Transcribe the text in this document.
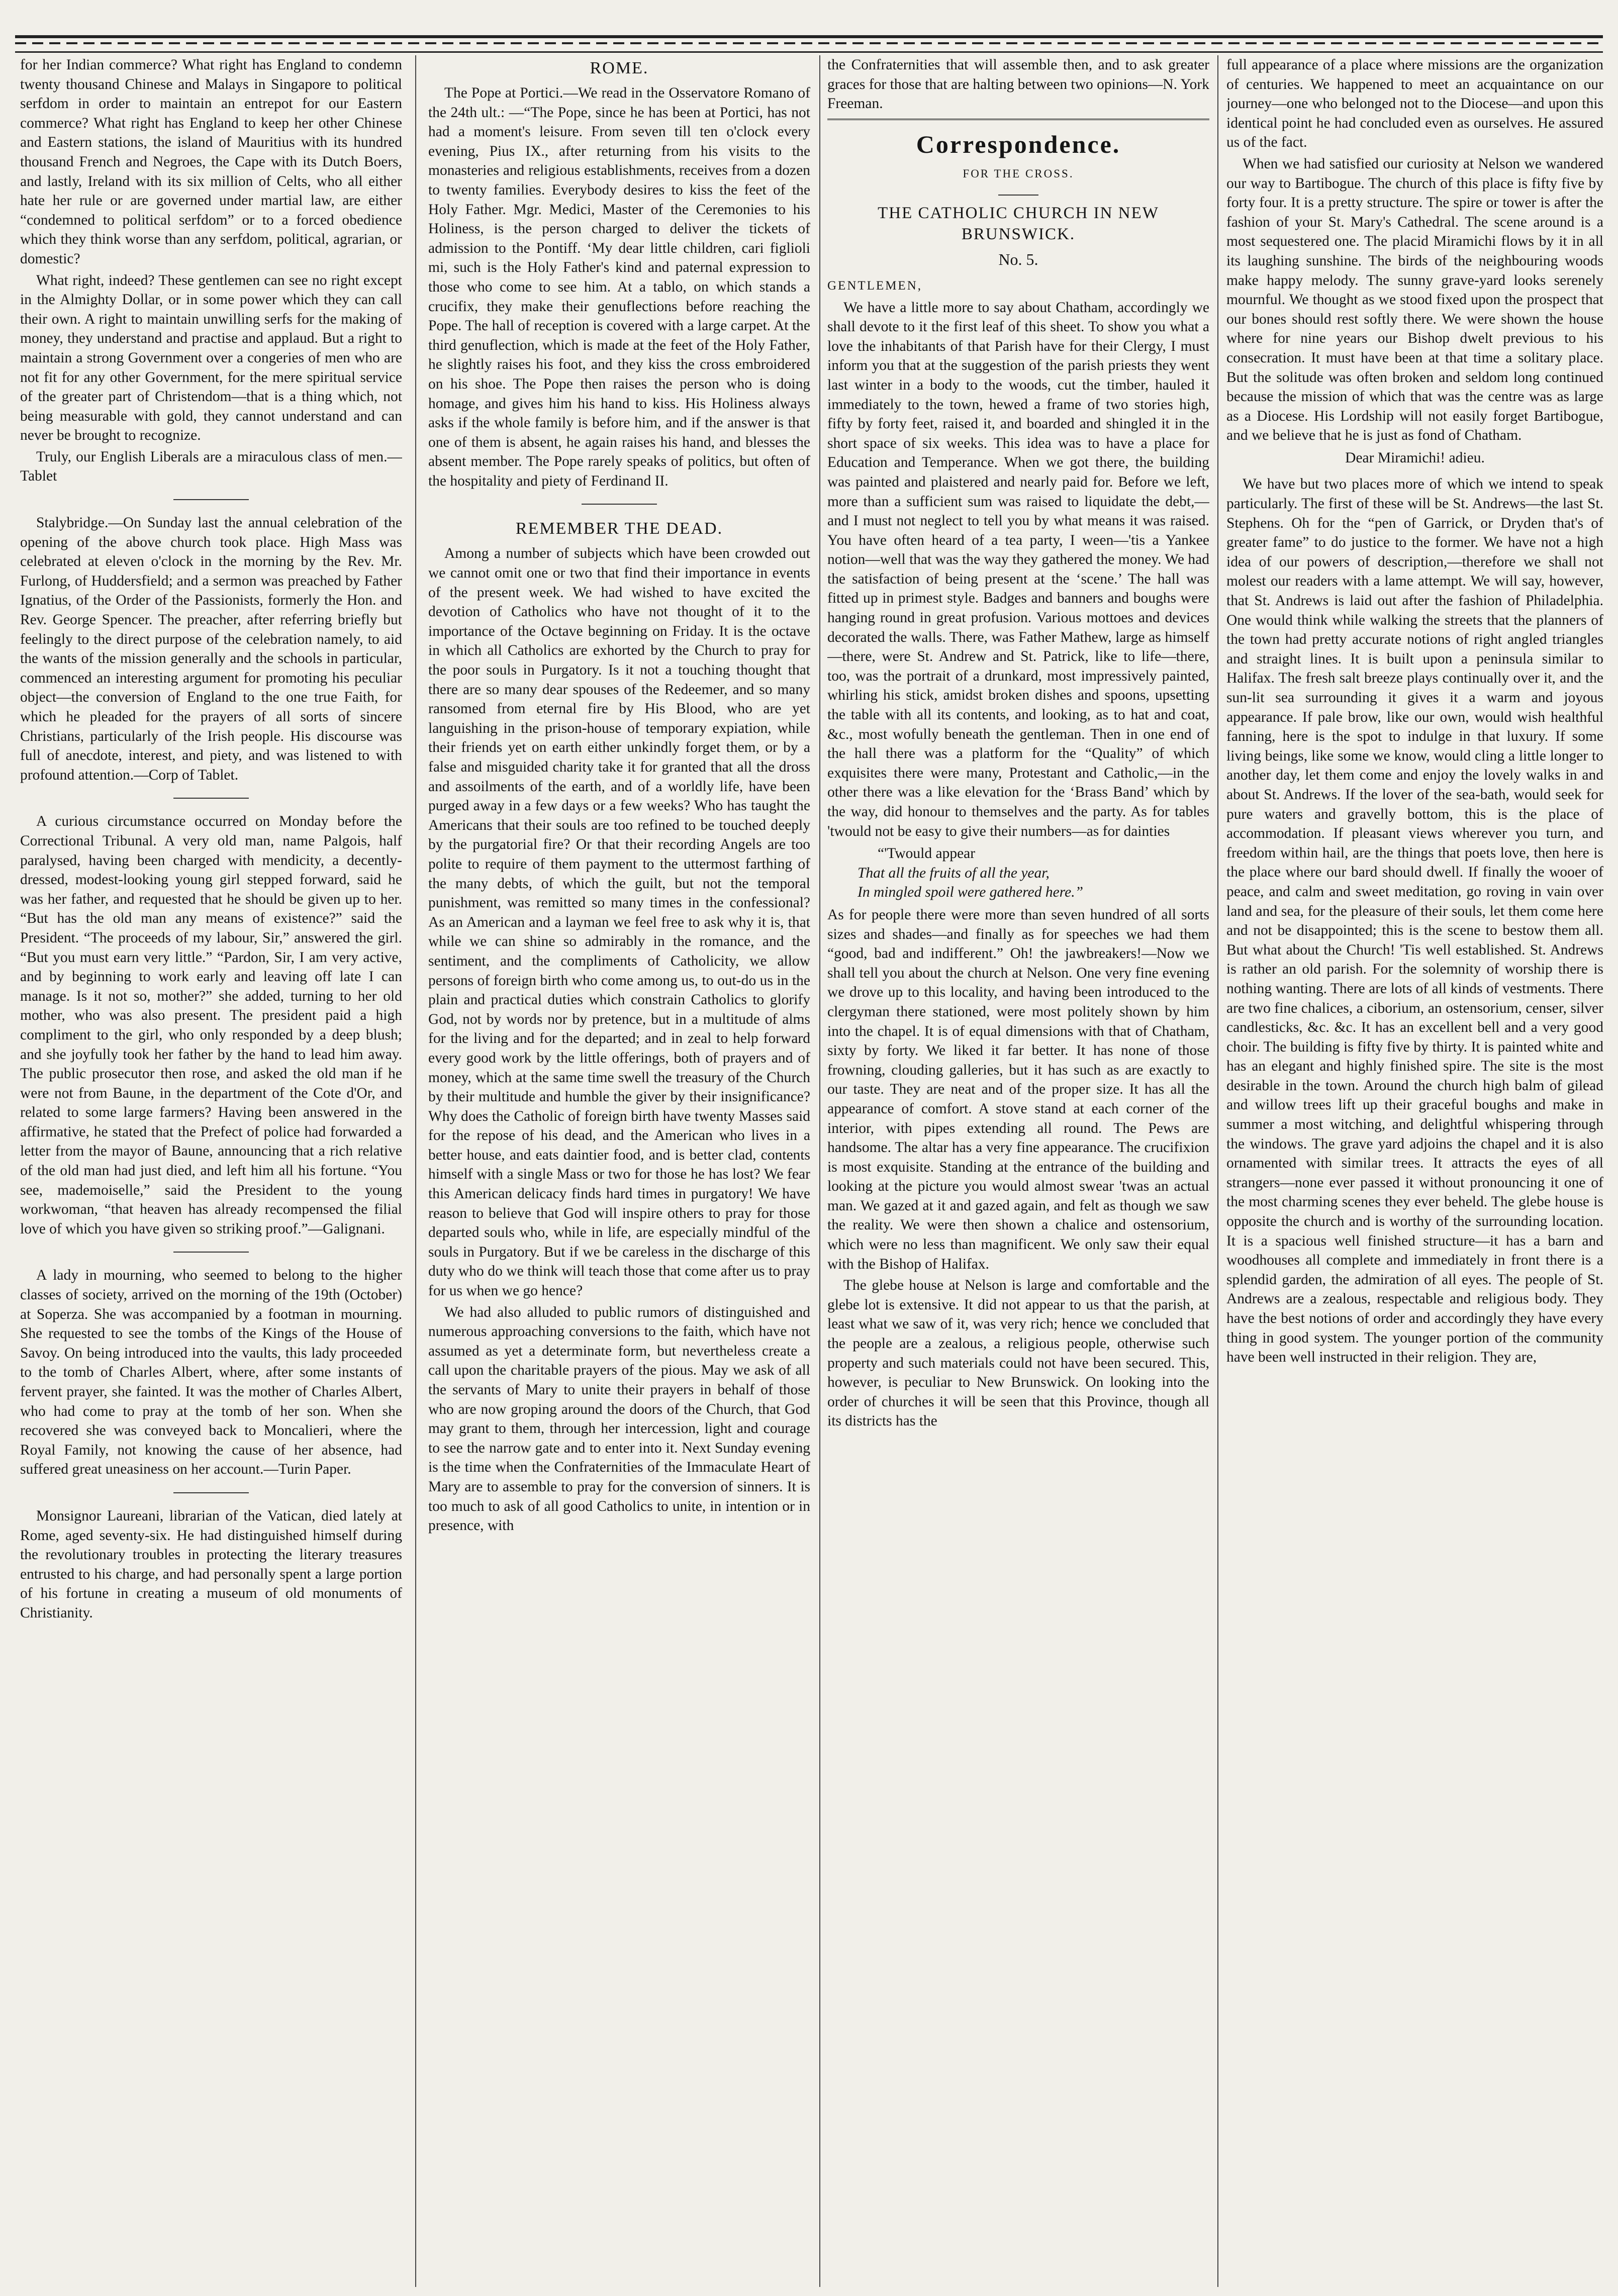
for her Indian commerce? What right has England to condemn twenty thousand Chinese and Malays in Singapore to political serfdom in order to maintain an entrepot for our Eastern commerce? What right has England to keep her other Chinese and Eastern stations, the island of Mauritius with its hundred thousand French and Negroes, the Cape with its Dutch Boers, and lastly, Ireland with its six million of Celts, who all either hate her rule or are governed under martial law, are either “condemned to political serfdom” or to a forced obedience which they think worse than any serfdom, political, agrarian, or domestic?

What right, indeed? These gentlemen can see no right except in the Almighty Dollar, or in some power which they can call their own. A right to maintain unwilling serfs for the making of money, they understand and practise and applaud. But a right to maintain a strong Government over a congeries of men who are not fit for any other Government, for the mere spiritual service of the greater part of Christendom—that is a thing which, not being measurable with gold, they cannot understand and can never be brought to recognize.

Truly, our English Liberals are a miraculous class of men.—Tablet

Stalybridge.—On Sunday last the annual celebration of the opening of the above church took place. High Mass was celebrated at eleven o'clock in the morning by the Rev. Mr. Furlong, of Huddersfield; and a sermon was preached by Father Ignatius, of the Order of the Passionists, formerly the Hon. and Rev. George Spencer. The preacher, after referring briefly but feelingly to the direct purpose of the celebration namely, to aid the wants of the mission generally and the schools in particular, commenced an interesting argument for promoting his peculiar object—the conversion of England to the one true Faith, for which he pleaded for the prayers of all sorts of sincere Christians, particularly of the Irish people. His discourse was full of anecdote, interest, and piety, and was listened to with profound attention.—Corp of Tablet.

A curious circumstance occurred on Monday before the Correctional Tribunal. A very old man, name Palgois, half paralysed, having been charged with mendicity, a decently-dressed, modest-looking young girl stepped forward, said he was her father, and requested that he should be given up to her. “But has the old man any means of existence?” said the President. “The proceeds of my labour, Sir,” answered the girl. “But you must earn very little.” “Pardon, Sir, I am very active, and by beginning to work early and leaving off late I can manage. Is it not so, mother?” she added, turning to her old mother, who was also present. The president paid a high compliment to the girl, who only responded by a deep blush; and she joyfully took her father by the hand to lead him away. The public prosecutor then rose, and asked the old man if he were not from Baune, in the department of the Cote d'Or, and related to some large farmers? Having been answered in the affirmative, he stated that the Prefect of police had forwarded a letter from the mayor of Baune, announcing that a rich relative of the old man had just died, and left him all his fortune. “You see, mademoiselle,” said the President to the young workwoman, “that heaven has already recompensed the filial love of which you have given so striking proof.”—Galignani.

A lady in mourning, who seemed to belong to the higher classes of society, arrived on the morning of the 19th (October) at Soperza. She was accompanied by a footman in mourning. She requested to see the tombs of the Kings of the House of Savoy. On being introduced into the vaults, this lady proceeded to the tomb of Charles Albert, where, after some instants of fervent prayer, she fainted. It was the mother of Charles Albert, who had come to pray at the tomb of her son. When she recovered she was conveyed back to Moncalieri, where the Royal Family, not knowing the cause of her absence, had suffered great uneasiness on her account.—Turin Paper.

Monsignor Laureani, librarian of the Vatican, died lately at Rome, aged seventy-six. He had distinguished himself during the revolutionary troubles in protecting the literary treasures entrusted to his charge, and had personally spent a large portion of his fortune in creating a museum of old monuments of Christianity.

ROME.

The Pope at Portici.—We read in the Osservatore Romano of the 24th ult.: —“The Pope, since he has been at Portici, has not had a moment's leisure. From seven till ten o'clock every evening, Pius IX., after returning from his visits to the monasteries and religious establishments, receives from a dozen to twenty families. Everybody desires to kiss the feet of the Holy Father. Mgr. Medici, Master of the Ceremonies to his Holiness, is the person charged to deliver the tickets of admission to the Pontiff. ‘My dear little children, cari figlioli mi, such is the Holy Father's kind and paternal expression to those who come to see him. At a tablo, on which stands a crucifix, they make their genuflections before reaching the Pope. The hall of reception is covered with a large carpet. At the third genuflection, which is made at the feet of the Holy Father, he slightly raises his foot, and they kiss the cross embroidered on his shoe. The Pope then raises the person who is doing homage, and gives him his hand to kiss. His Holiness always asks if the whole family is before him, and if the answer is that one of them is absent, he again raises his hand, and blesses the absent member. The Pope rarely speaks of politics, but often of the hospitality and piety of Ferdinand II.

REMEMBER THE DEAD.

Among a number of subjects which have been crowded out we cannot omit one or two that find their importance in events of the present week. We had wished to have excited the devotion of Catholics who have not thought of it to the importance of the Octave beginning on Friday. It is the octave in which all Catholics are exhorted by the Church to pray for the poor souls in Purgatory. Is it not a touching thought that there are so many dear spouses of the Redeemer, and so many ransomed from eternal fire by His Blood, who are yet languishing in the prison-house of temporary expiation, while their friends yet on earth either unkindly forget them, or by a false and misguided charity take it for granted that all the dross and assoilments of the earth, and of a worldly life, have been purged away in a few days or a few weeks? Who has taught the Americans that their souls are too refined to be touched deeply by the purgatorial fire? Or that their recording Angels are too polite to require of them payment to the uttermost farthing of the many debts, of which the guilt, but not the temporal punishment, was remitted so many times in the confessional? As an American and a layman we feel free to ask why it is, that while we can shine so admirably in the romance, and the sentiment, and the compliments of Catholicity, we allow persons of foreign birth who come among us, to out-do us in the plain and practical duties which constrain Catholics to glorify God, not by words nor by pretence, but in a multitude of alms for the living and for the departed; and in zeal to help forward every good work by the little offerings, both of prayers and of money, which at the same time swell the treasury of the Church by their multitude and humble the giver by their insignificance? Why does the Catholic of foreign birth have twenty Masses said for the repose of his dead, and the American who lives in a better house, and eats daintier food, and is better clad, contents himself with a single Mass or two for those he has lost? We fear this American delicacy finds hard times in purgatory! We have reason to believe that God will inspire others to pray for those departed souls who, while in life, are especially mindful of the souls in Purgatory. But if we be careless in the discharge of this duty who do we think will teach those that come after us to pray for us when we go hence?

We had also alluded to public rumors of distinguished and numerous approaching conversions to the faith, which have not assumed as yet a determinate form, but nevertheless create a call upon the charitable prayers of the pious. May we ask of all the servants of Mary to unite their prayers in behalf of those who are now groping around the doors of the Church, that God may grant to them, through her intercession, light and courage to see the narrow gate and to enter into it. Next Sunday evening is the time when the Confraternities of the Immaculate Heart of Mary are to assemble to pray for the conversion of sinners. It is too much to ask of all good Catholics to unite, in intention or in presence, with

the Confraternities that will assemble then, and to ask greater graces for those that are halting between two opinions—N. York Freeman.

Correspondence.
FOR THE CROSS.
THE CATHOLIC CHURCH IN NEW BRUNSWICK.
No. 5.
GENTLEMEN,

We have a little more to say about Chatham, accordingly we shall devote to it the first leaf of this sheet. To show you what a love the inhabitants of that Parish have for their Clergy, I must inform you that at the suggestion of the parish priests they went last winter in a body to the woods, cut the timber, hauled it immediately to the town, hewed a frame of two stories high, fifty by forty feet, raised it, and boarded and shingled it in the short space of six weeks. This idea was to have a place for Education and Temperance. When we got there, the building was painted and plaistered and nearly paid for. Before we left, more than a sufficient sum was raised to liquidate the debt,—and I must not neglect to tell you by what means it was raised. You have often heard of a tea party, I ween—'tis a Yankee notion—well that was the way they gathered the money. We had the satisfaction of being present at the ‘scene.’ The hall was fitted up in primest style. Badges and banners and boughs were hanging round in great profusion. Various mottoes and devices decorated the walls. There, was Father Mathew, large as himself—there, were St. Andrew and St. Patrick, like to life—there, too, was the portrait of a drunkard, most impressively painted, whirling his stick, amidst broken dishes and spoons, upsetting the table with all its contents, and looking, as to hat and coat, &c., most wofully beneath the gentleman. Then in one end of the hall there was a platform for the “Quality” of which exquisites there were many, Protestant and Catholic,—in the other there was a like elevation for the ‘Brass Band’ which by the way, did honour to themselves and the party. As for tables 'twould not be easy to give their numbers—as for dainties

“'Twould appear
That all the fruits of all the year,
In mingled spoil were gathered here.”

As for people there were more than seven hundred of all sorts sizes and shades—and finally as for speeches we had them “good, bad and indifferent.” Oh! the jawbreakers!—Now we shall tell you about the church at Nelson. One very fine evening we drove up to this locality, and having been introduced to the clergyman there stationed, were most politely shown by him into the chapel. It is of equal dimensions with that of Chatham, sixty by forty. We liked it far better. It has none of those frowning, clouding galleries, but it has such as are exactly to our taste. They are neat and of the proper size. It has all the appearance of comfort. A stove stand at each corner of the interior, with pipes extending all round. The Pews are handsome. The altar has a very fine appearance. The crucifixion is most exquisite. Standing at the entrance of the building and looking at the picture you would almost swear 'twas an actual man. We gazed at it and gazed again, and felt as though we saw the reality. We were then shown a chalice and ostensorium, which were no less than magnificent. We only saw their equal with the Bishop of Halifax.

The glebe house at Nelson is large and comfortable and the glebe lot is extensive. It did not appear to us that the parish, at least what we saw of it, was very rich; hence we concluded that the people are a zealous, a religious people, otherwise such property and such materials could not have been secured. This, however, is peculiar to New Brunswick. On looking into the order of churches it will be seen that this Province, though all its districts has the

full appearance of a place where missions are the organization of centuries. We happened to meet an acquaintance on our journey—one who belonged not to the Diocese—and upon this identical point he had concluded even as ourselves. He assured us of the fact.

When we had satisfied our curiosity at Nelson we wandered our way to Bartibogue. The church of this place is fifty five by forty four. It is a pretty structure. The spire or tower is after the fashion of your St. Mary's Cathedral. The scene around is a most sequestered one. The placid Miramichi flows by it in all its laughing sunshine. The birds of the neighbouring woods make happy melody. The sunny grave-yard looks serenely mournful. We thought as we stood fixed upon the prospect that our bones should rest softly there. We were shown the house where for nine years our Bishop dwelt previous to his consecration. It must have been at that time a solitary place. But the solitude was often broken and seldom long continued because the mission of which that was the centre was as large as a Diocese. His Lordship will not easily forget Bartibogue, and we believe that he is just as fond of Chatham.

Dear Miramichi! adieu.

We have but two places more of which we intend to speak particularly. The first of these will be St. Andrews—the last St. Stephens. Oh for the “pen of Garrick, or Dryden that's of greater fame” to do justice to the former. We have not a high idea of our powers of description,—therefore we shall not molest our readers with a lame attempt. We will say, however, that St. Andrews is laid out after the fashion of Philadelphia. One would think while walking the streets that the planners of the town had pretty accurate notions of right angled triangles and straight lines. It is built upon a peninsula similar to Halifax. The fresh salt breeze plays continually over it, and the sun-lit sea surrounding it gives it a warm and joyous appearance. If pale brow, like our own, would wish healthful fanning, here is the spot to indulge in that luxury. If some living beings, like some we know, would cling a little longer to another day, let them come and enjoy the lovely walks in and about St. Andrews. If the lover of the sea-bath, would seek for pure waters and gravelly bottom, this is the place of accommodation. If pleasant views wherever you turn, and freedom within hail, are the things that poets love, then here is the place where our bard should dwell. If finally the wooer of peace, and calm and sweet meditation, go roving in vain over land and sea, for the pleasure of their souls, let them come here and not be disappointed; this is the scene to bestow them all. But what about the Church! 'Tis well established. St. Andrews is rather an old parish. For the solemnity of worship there is nothing wanting. There are lots of all kinds of vestments. There are two fine chalices, a ciborium, an ostensorium, censer, silver candlesticks, &c. &c. It has an excellent bell and a very good choir. The building is fifty five by thirty. It is painted white and has an elegant and highly finished spire. The site is the most desirable in the town. Around the church high balm of gilead and willow trees lift up their graceful boughs and make in summer a most witching, and delightful whispering through the windows. The grave yard adjoins the chapel and it is also ornamented with similar trees. It attracts the eyes of all strangers—none ever passed it without pronouncing it one of the most charming scenes they ever beheld. The glebe house is opposite the church and is worthy of the surrounding location. It is a spacious well finished structure—it has a barn and woodhouses all complete and immediately in front there is a splendid garden, the admiration of all eyes. The people of St. Andrews are a zealous, respectable and religious body. They have the best notions of order and accordingly they have every thing in good system. The younger portion of the community have been well instructed in their religion. They are,
